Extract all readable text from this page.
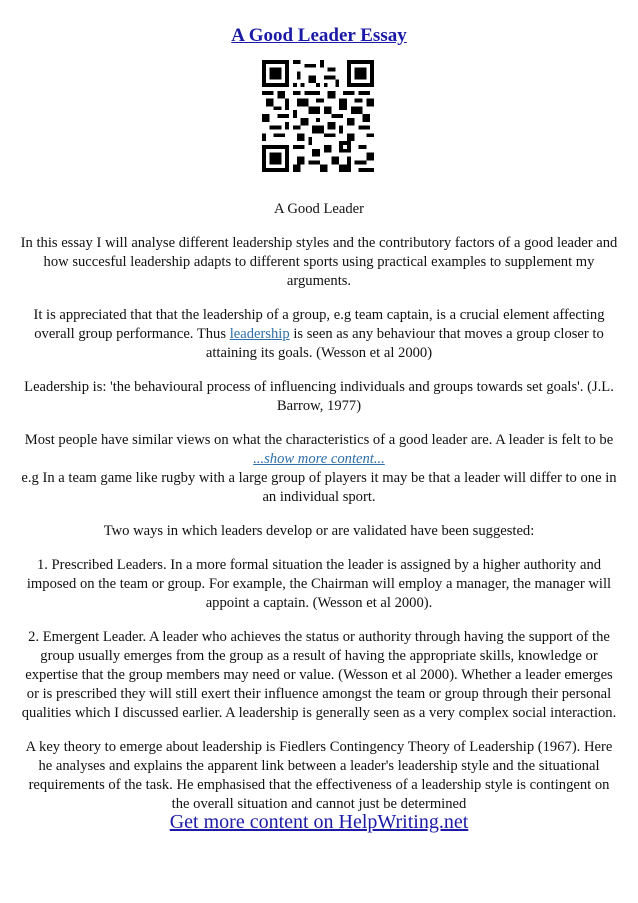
A Good Leader Essay

A Good Leader

In this essay I will analyse different leadership styles and the contributory factors of a good leader and how succesful leadership adapts to different sports using practical examples to supplement my arguments.

It is appreciated that that the leadership of a group, e.g team captain, is a crucial element affecting overall group performance. Thus leadership is seen as any behaviour that moves a group closer to attaining its goals. (Wesson et al 2000)

Leadership is: 'the behavioural process of influencing individuals and groups towards set goals'. (J.L. Barrow, 1977)

Most people have similar views on what the characteristics of a good leader are. A leader is felt to be
...show more content...

e.g In a team game like rugby with a large group of players it may be that a leader will differ to one in an individual sport.

Two ways in which leaders develop or are validated have been suggested:

1. Prescribed Leaders. In a more formal situation the leader is assigned by a higher authority and imposed on the team or group. For example, the Chairman will employ a manager, the manager will appoint a captain. (Wesson et al 2000).

2. Emergent Leader. A leader who achieves the status or authority through having the support of the group usually emerges from the group as a result of having the appropriate skills, knowledge or expertise that the group members may need or value. (Wesson et al 2000). Whether a leader emerges or is prescribed they will still exert their influence amongst the team or group through their personal qualities which I discussed earlier. A leadership is generally seen as a very complex social interaction.

A key theory to emerge about leadership is Fiedlers Contingency Theory of Leadership (1967). Here he analyses and explains the apparent link between a leader's leadership style and the situational requirements of the task. He emphasised that the effectiveness of a leadership style is contingent on the overall situation and cannot just be determined

Get more content on HelpWriting.net
